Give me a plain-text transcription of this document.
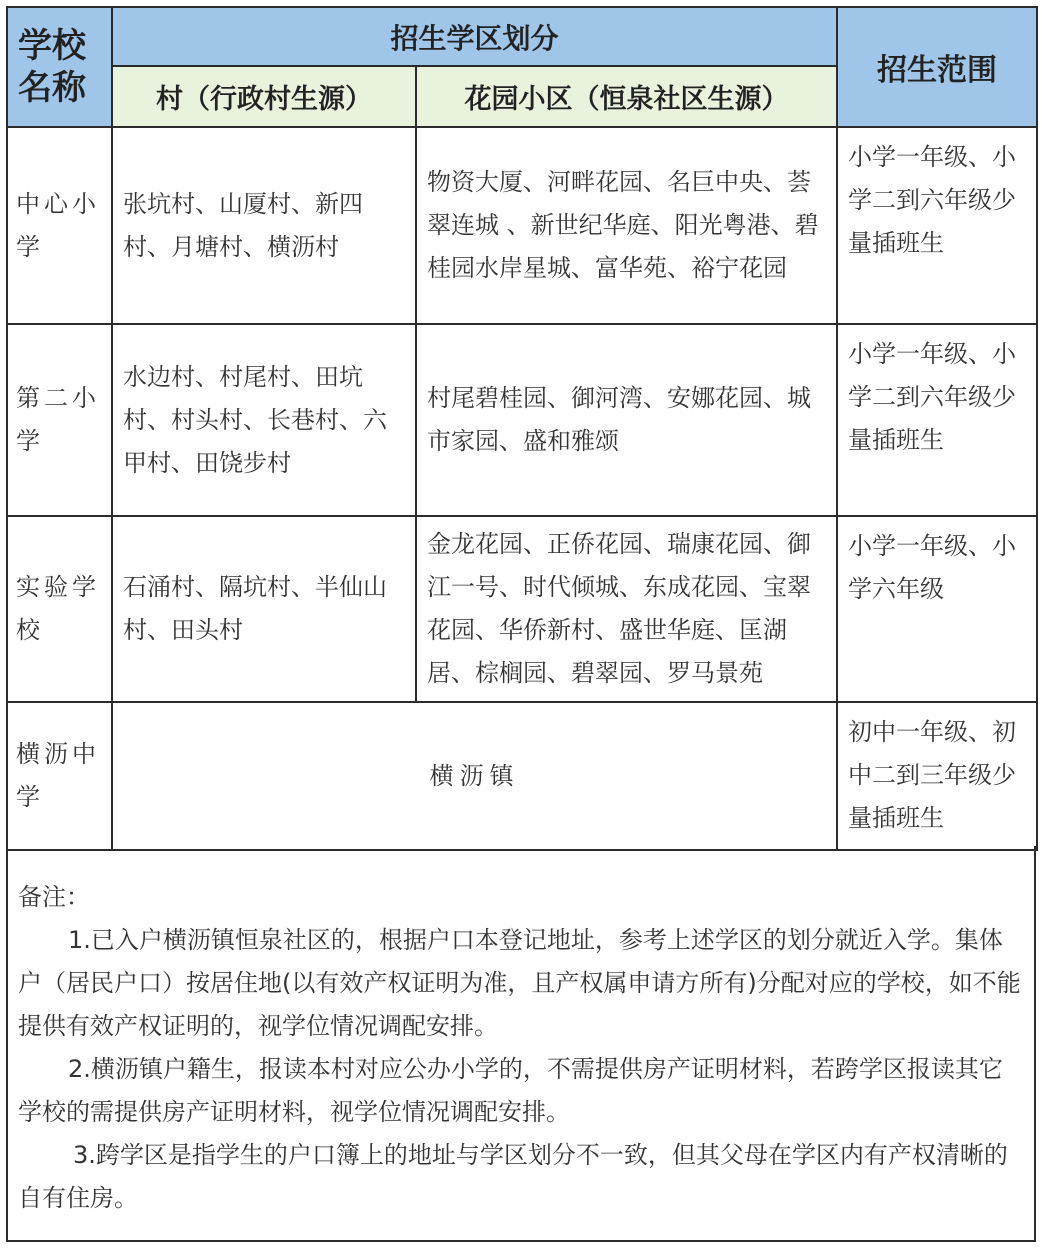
学校
名称	招生学区划分		招生范围
	村（行政村生源）	花园小区（恒泉社区生源）	
中心小学	张坑村、山厦村、新四村、月塘村、横沥村	物资大厦、河畔花园、名巨中央、荟翠连城 、新世纪华庭、阳光粤港、碧桂园水岸星城、富华苑、裕宁花园	小学一年级、小学二到六年级少量插班生
第二小学	水边村、村尾村、田坑村、村头村、长巷村、六甲村、田饶步村	村尾碧桂园、御河湾、安娜花园、城市家园、盛和雅颂	小学一年级、小学二到六年级少量插班生
实验学校	石涌村、隔坑村、半仙山村、田头村	金龙花园、正侨花园、瑞康花园、御江一号、时代倾城、东成花园、宝翠花园、华侨新村、盛世华庭、匡湖居、棕榈园、碧翠园、罗马景苑	小学一年级、小学六年级
横沥中学	横沥镇		初中一年级、初中二到三年级少量插班生

备注：

1.已入户横沥镇恒泉社区的，根据户口本登记地址，参考上述学区的划分就近入学。集体户（居民户口）按居住地(以有效产权证明为准，且产权属申请方所有)分配对应的学校，如不能提供有效产权证明的，视学位情况调配安排。

2.横沥镇户籍生，报读本村对应公办小学的，不需提供房产证明材料，若跨学区报读其它学校的需提供房产证明材料，视学位情况调配安排。

3.跨学区是指学生的户口簿上的地址与学区划分不一致，但其父母在学区内有产权清晰的自有住房。
